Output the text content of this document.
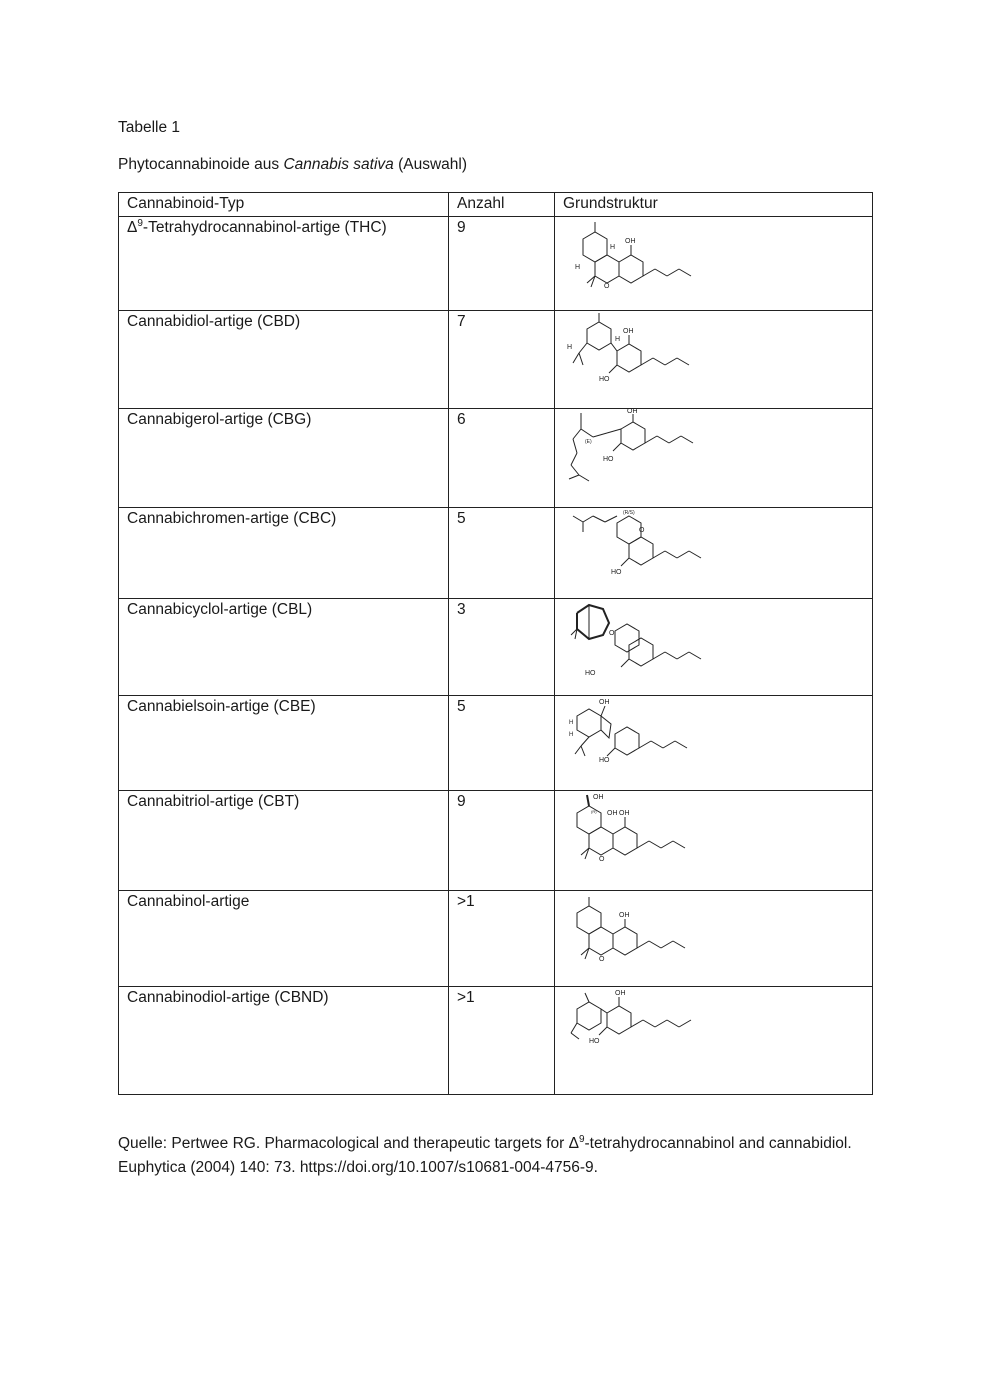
Tabelle 1

Phytocannabinoide aus Cannabis sativa (Auswahl)

Cannabinoid-Typ	Anzahl	Grundstruktur
$\Delta^9-Tetrahydrocannabinol$-artige (THC)	9	OH
O
H
H

Cannabidiol-artige (CBD)	7	OH
HO
H
H

Cannabigerol-artige (CBG)	6	OH
HO
(E)

Cannabichromen-artige (CBC)	5	O
HO
(R/S)

Cannabicyclol-artige (CBL)	3	O
HO

Cannabielsoin-artige (CBE)	5	OH
HO
H
H

Cannabitriol-artige (CBT)	9	OH
OH OH
O
(R)

Cannabinol-artige	>1	OH
O

Cannabinodiol-artige (CBND)	>1	OH
HO

Quelle: Pertwee RG. Pharmacological and therapeutic targets for $\Delta^9$-tetrahydrocannabinol and cannabidiol. Euphytica (2004) 140: 73. https://doi.org/10.1007/s10681-004-4756-9.
